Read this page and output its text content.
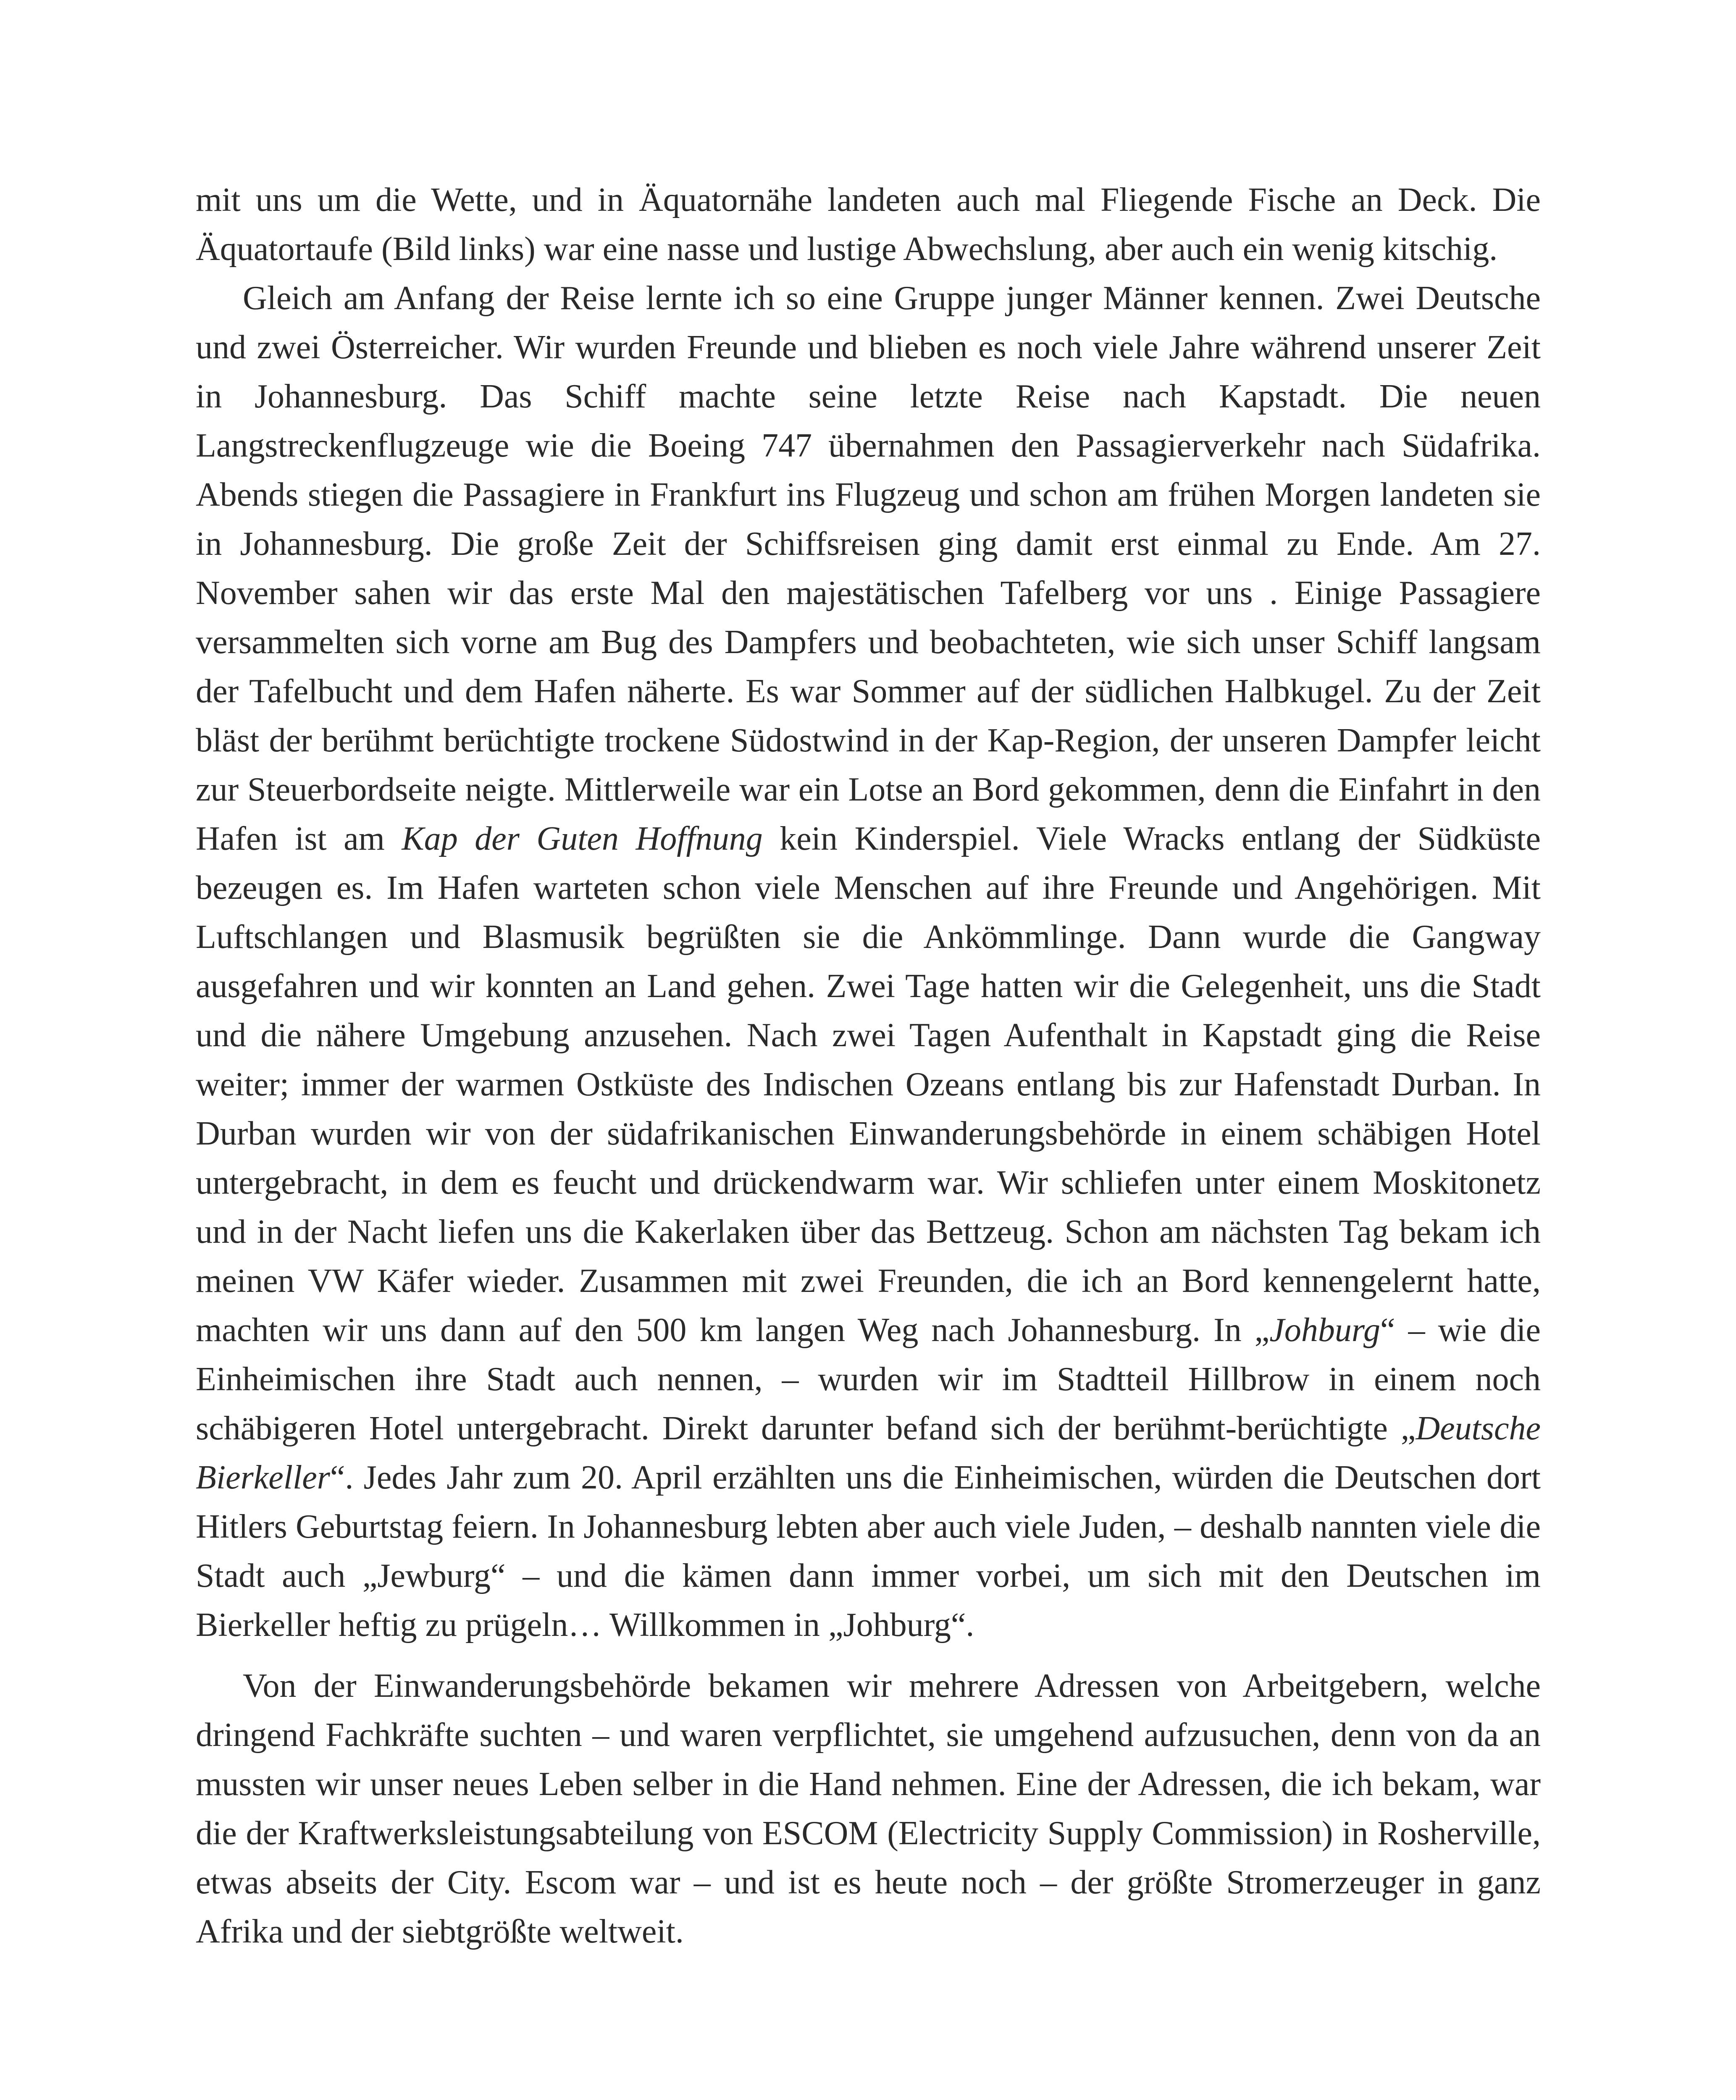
mit uns um die Wette, und in Äquatornähe landeten auch mal Fliegende Fische an Deck. Die Äquatortaufe (Bild links) war eine nasse und lustige Abwechslung, aber auch ein wenig kitschig.

Gleich am Anfang der Reise lernte ich so eine Gruppe junger Männer kennen. Zwei Deutsche und zwei Österreicher. Wir wurden Freunde und blieben es noch viele Jahre während unserer Zeit in Johannesburg. Das Schiff machte seine letzte Reise nach Kapstadt. Die neuen Langstreckenflugzeuge wie die Boeing 747 übernahmen den Passagierverkehr nach Südafrika. Abends stiegen die Passagiere in Frankfurt ins Flugzeug und schon am frühen Morgen landeten sie in Johannesburg. Die große Zeit der Schiffsreisen ging damit erst einmal zu Ende. Am 27. November sahen wir das erste Mal den majestätischen Tafelberg vor uns . Einige Passagiere versammelten sich vorne am Bug des Dampfers und beobachteten, wie sich unser Schiff langsam der Tafelbucht und dem Hafen näherte. Es war Sommer auf der südlichen Halbkugel. Zu der Zeit bläst der berühmt berüchtigte trockene Südostwind in der Kap-Region, der unseren Dampfer leicht zur Steuerbordseite neigte. Mittlerweile war ein Lotse an Bord gekommen, denn die Einfahrt in den Hafen ist am Kap der Guten Hoffnung kein Kinderspiel. Viele Wracks entlang der Südküste bezeugen es. Im Hafen warteten schon viele Menschen auf ihre Freunde und Angehörigen. Mit Luftschlangen und Blasmusik begrüßten sie die Ankömmlinge. Dann wurde die Gangway ausgefahren und wir konnten an Land gehen. Zwei Tage hatten wir die Gelegenheit, uns die Stadt und die nähere Umgebung anzusehen. Nach zwei Tagen Aufenthalt in Kapstadt ging die Reise weiter; immer der warmen Ostküste des Indischen Ozeans entlang bis zur Hafenstadt Durban. In Durban wurden wir von der südafrikanischen Einwanderungsbehörde in einem schäbigen Hotel untergebracht, in dem es feucht und drückendwarm war. Wir schliefen unter einem Moskitonetz und in der Nacht liefen uns die Kakerlaken über das Bettzeug. Schon am nächsten Tag bekam ich meinen VW Käfer wieder. Zusammen mit zwei Freunden, die ich an Bord kennengelernt hatte, machten wir uns dann auf den 500 km langen Weg nach Johannesburg. In „Johburg“ – wie die Einheimischen ihre Stadt auch nennen, – wurden wir im Stadtteil Hillbrow in einem noch schäbigeren Hotel untergebracht. Direkt darunter befand sich der berühmt-berüchtigte „Deutsche Bierkeller“. Jedes Jahr zum 20. April erzählten uns die Einheimischen, würden die Deutschen dort Hitlers Geburtstag feiern. In Johannesburg lebten aber auch viele Juden, – deshalb nannten viele die Stadt auch „Jewburg“ – und die kämen dann immer vorbei, um sich mit den Deutschen im Bierkeller heftig zu prügeln… Willkommen in „Johburg“.

Von der Einwanderungsbehörde bekamen wir mehrere Adressen von Arbeitgebern, welche dringend Fachkräfte suchten – und waren verpflichtet, sie umgehend aufzusuchen, denn von da an mussten wir unser neues Leben selber in die Hand nehmen. Eine der Adressen, die ich bekam, war die der Kraftwerksleistungsabteilung von ESCOM (Electricity Supply Commission) in Rosherville, etwas abseits der City. Escom war – und ist es heute noch – der größte Stromerzeuger in ganz Afrika und der siebtgrößte weltweit.
